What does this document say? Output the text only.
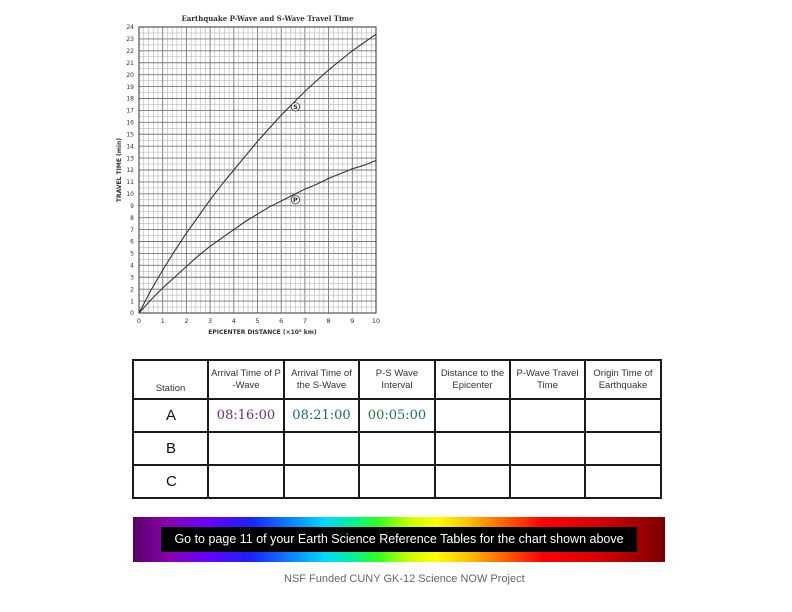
0	1	2	3	4	5	6	7	8	9	10
0
1
2
3
4
5
6
7
8
9
10
11
12
13
14
15
16
17
18
19
20
21
22
23
24
Earthquake P-Wave and S-Wave Travel Time
EPICENTER DISTANCE (×10³ km)
TRAVEL TIME (min)
S
P
Station	Arrival Time of P -Wave	Arrival Time of the S-Wave	P-S Wave Interval	Distance to the Epicenter	P-Wave Travel Time	Origin Time of Earthquake
A	08:16:00	08:21:00	00:05:00			
B						
C						
Go to page 11 of your Earth Science Reference Tables for the chart shown above
NSF Funded CUNY GK-12 Science NOW Project
